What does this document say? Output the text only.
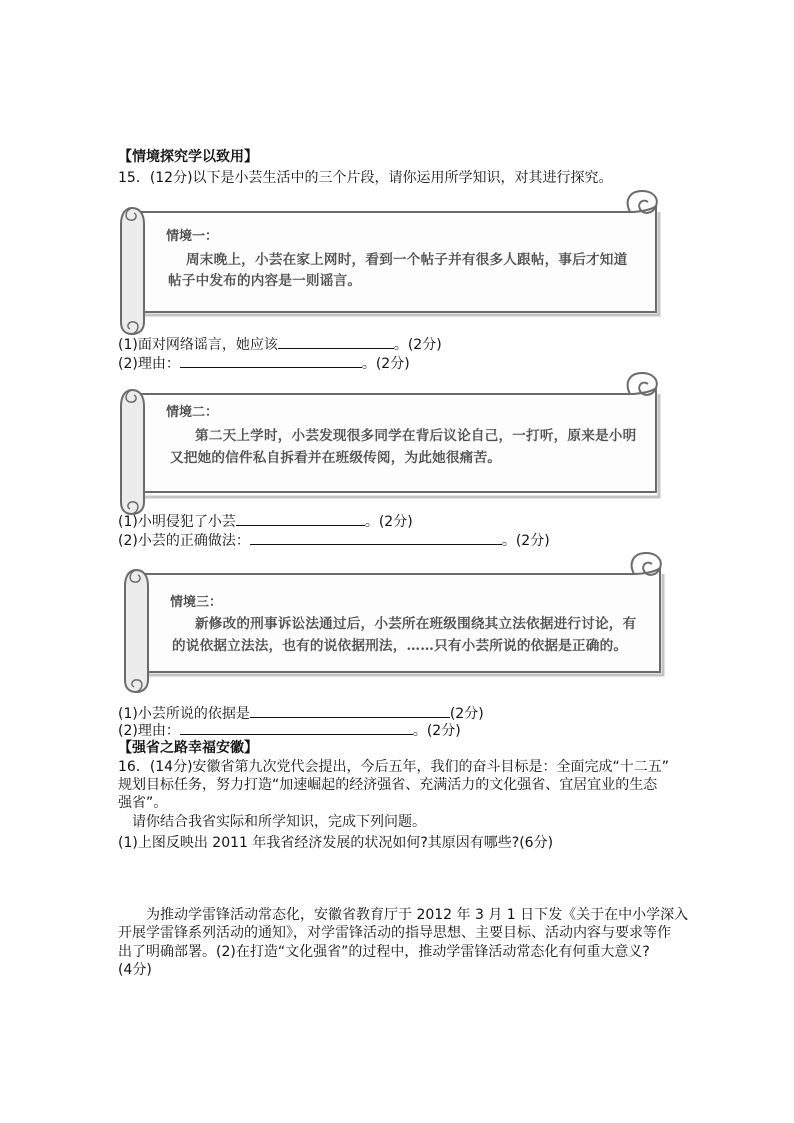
【情境探究学以致用】
15．(12分)以下是小芸生活中的三个片段，请你运用所学知识，对其进行探究。
情境一：
周末晚上，小芸在家上网时，看到一个帖子并有很多人跟帖，事后才知道
帖子中发布的内容是一则谣言。
(1)面对网络谣言，她应该	。(2分)
(2)理由：	。(2分)
情境二：
第二天上学时，小芸发现很多同学在背后议论自己，一打听，原来是小明
又把她的信件私自拆看并在班级传阅，为此她很痛苦。
(1)小明侵犯了小芸	。(2分)
(2)小芸的正确做法：	。(2分)
情境三：
新修改的刑事诉讼法通过后，小芸所在班级围绕其立法依据进行讨论，有
的说依据立法法，也有的说依据刑法，……只有小芸所说的依据是正确的。
(1)小芸所说的依据是	(2分)
(2)理由：	。(2分)
【强省之路幸福安徽】
16．(14分)安徽省第九次党代会提出，今后五年，我们的奋斗目标是：全面完成“十二五”
规划目标任务，努力打造“加速崛起的经济强省、充满活力的文化强省、宜居宜业的生态
强省”。
请你结合我省实际和所学知识，完成下列问题。
(1)上图反映出 2011 年我省经济发展的状况如何?其原因有哪些?(6分)
为推动学雷锋活动常态化，安徽省教育厅于 2012 年 3 月 1 日下发《关于在中小学深入
开展学雷锋系列活动的通知》，对学雷锋活动的指导思想、主要目标、活动内容与要求等作
出了明确部署。(2)在打造“文化强省”的过程中，推动学雷锋活动常态化有何重大意义?
(4分)
